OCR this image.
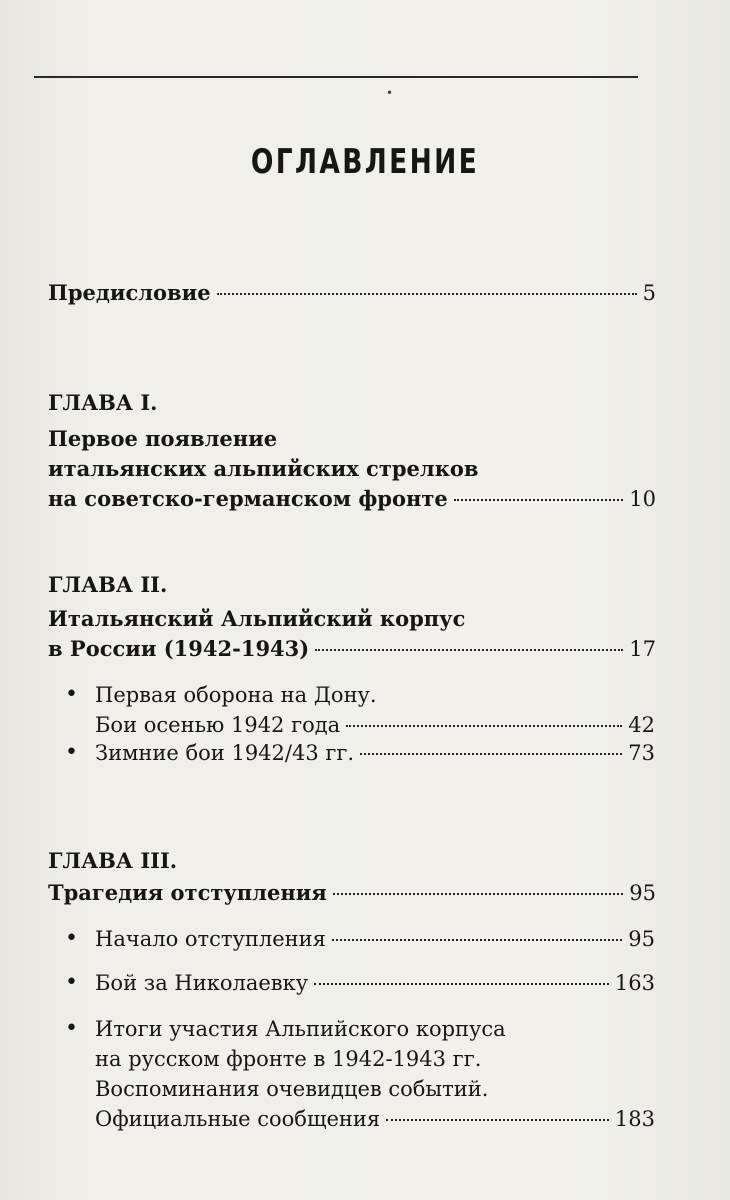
•
ОГЛАВЛЕНИЕ
Предисловие	5
ГЛАВА I.
Первое появление
итальянских альпийских стрелков
на советско-германском фронте	10
ГЛАВА II.
Итальянский Альпийский корпус
в России (1942-1943)	17
• Первая оборона на Дону.
Бои осенью 1942 года	42
• Зимние бои 1942/43 гг.	73
ГЛАВА III.
Трагедия отступления	95
• Начало отступления	95
• Бой за Николаевку	163
• Итоги участия Альпийского корпуса
на русском фронте в 1942-1943 гг.
Воспоминания очевидцев событий.
Официальные сообщения	183
